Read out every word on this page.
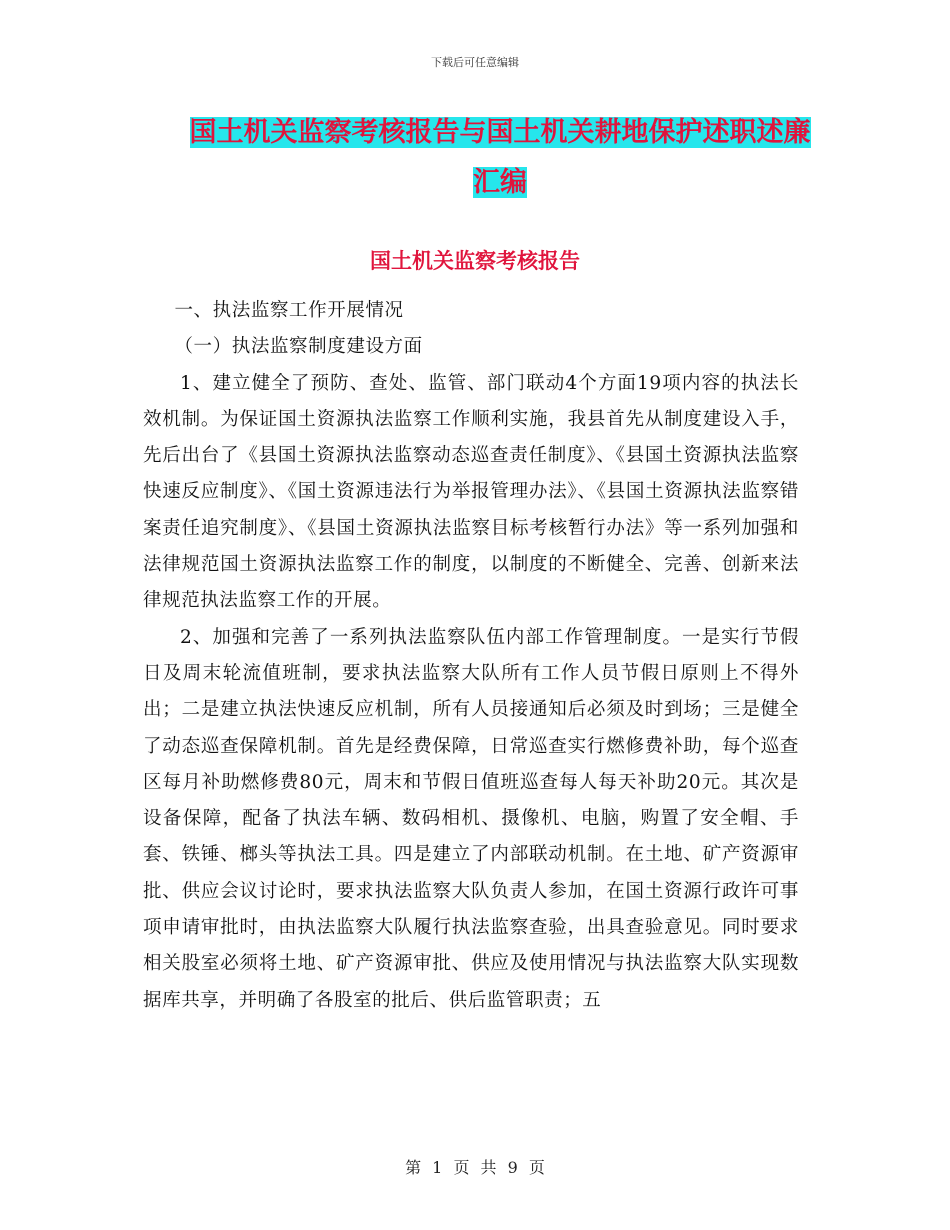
下载后可任意编辑
国土机关监察考核报告与国土机关耕地保护述职述廉汇编
国土机关监察考核报告

一、执法监察工作开展情况

（一）执法监察制度建设方面

1、建立健全了预防、查处、监管、部门联动4个方面19项内容的执法长效机制。为保证国土资源执法监察工作顺利实施，我县首先从制度建设入手，先后出台了《县国土资源执法监察动态巡查责任制度》、《县国土资源执法监察快速反应制度》、《国土资源违法行为举报管理办法》、《县国土资源执法监察错案责任追究制度》、《县国土资源执法监察目标考核暂行办法》等一系列加强和法律规范国土资源执法监察工作的制度，以制度的不断健全、完善、创新来法律规范执法监察工作的开展。

2、加强和完善了一系列执法监察队伍内部工作管理制度。一是实行节假日及周末轮流值班制，要求执法监察大队所有工作人员节假日原则上不得外出；二是建立执法快速反应机制，所有人员接通知后必须及时到场；三是健全了动态巡查保障机制。首先是经费保障，日常巡查实行燃修费补助，每个巡查区每月补助燃修费80元，周末和节假日值班巡查每人每天补助20元。其次是设备保障，配备了执法车辆、数码相机、摄像机、电脑，购置了安全帽、手套、铁锤、榔头等执法工具。四是建立了内部联动机制。在土地、矿产资源审批、供应会议讨论时，要求执法监察大队负责人参加，在国土资源行政许可事项申请审批时，由执法监察大队履行执法监察查验，出具查验意见。同时要求相关股室必须将土地、矿产资源审批、供应及使用情况与执法监察大队实现数据库共享，并明确了各股室的批后、供后监管职责；五

第 1 页 共 9 页
